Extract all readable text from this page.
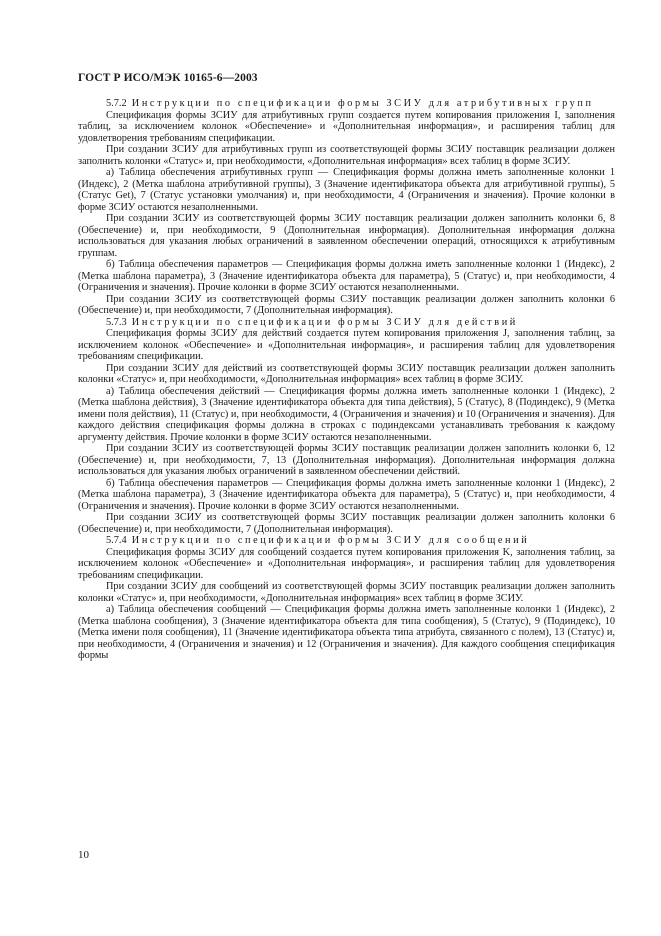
ГОСТ Р ИСО/МЭК 10165-6—2003

5.7.2 Инструкции по спецификации формы ЗСИУ для атрибутивных групп

Спецификация формы ЗСИУ для атрибутивных групп создается путем копирования приложения I, заполнения таблиц, за исключением колонок «Обеспечение» и «Дополнительная информация», и расширения таблиц для удовлетворения требованиям спецификации.

При создании ЗСИУ для атрибутивных групп из соответствующей формы ЗСИУ поставщик реализации должен заполнить колонки «Статус» и, при необходимости, «Дополнительная информация» всех таблиц в форме ЗСИУ.

а) Таблица обеспечения атрибутивных групп — Спецификация формы должна иметь заполненные колонки 1 (Индекс), 2 (Метка шаблона атрибутивной группы), 3 (Значение идентификатора объекта для атрибутивной группы), 5 (Статус Get), 7 (Статус установки умолчания) и, при необходимости, 4 (Ограничения и значения). Прочие колонки в форме ЗСИУ остаются незаполненными.

При создании ЗСИУ из соответствующей формы ЗСИУ поставщик реализации должен заполнить колонки 6, 8 (Обеспечение) и, при необходимости, 9 (Дополнительная информация). Дополнительная информация должна использоваться для указания любых ограничений в заявленном обеспечении операций, относящихся к атрибутивным группам.

б) Таблица обеспечения параметров — Спецификация формы должна иметь заполненные колонки 1 (Индекс), 2 (Метка шаблона параметра), 3 (Значение идентификатора объекта для параметра), 5 (Статус) и, при необходимости, 4 (Ограничения и значения). Прочие колонки в форме ЗСИУ остаются незаполненными.

При создании ЗСИУ из соответствующей формы СЗИУ поставщик реализации должен заполнить колонки 6 (Обеспечение) и, при необходимости, 7 (Дополнительная информация).

5.7.3 Инструкции по спецификации формы ЗСИУ для действий

Спецификация формы ЗСИУ для действий создается путем копирования приложения J, заполнения таблиц, за исключением колонок «Обеспечение» и «Дополнительная информация», и расширения таблиц для удовлетворения требованиям спецификации.

При создании ЗСИУ для действий из соответствующей формы ЗСИУ поставщик реализации должен заполнить колонки «Статус» и, при необходимости, «Дополнительная информация» всех таблиц в форме ЗСИУ.

а) Таблица обеспечения действий — Спецификация формы должна иметь заполненные колонки 1 (Индекс), 2 (Метка шаблона действия), 3 (Значение идентификатора объекта для типа действия), 5 (Статус), 8 (Подиндекс), 9 (Метка имени поля действия), 11 (Статус) и, при необходимости, 4 (Ограничения и значения) и 10 (Ограничения и значения). Для каждого действия спецификация формы должна в строках с подиндексами устанавливать требования к каждому аргументу действия. Прочие колонки в форме ЗСИУ остаются незаполненными.

При создании ЗСИУ из соответствующей формы ЗСИУ поставщик реализации должен заполнить колонки 6, 12 (Обеспечение) и, при необходимости, 7, 13 (Дополнительная информация). Дополнительная информация должна использоваться для указания любых ограничений в заявленном обеспечении действий.

б) Таблица обеспечения параметров — Спецификация формы должна иметь заполненные колонки 1 (Индекс), 2 (Метка шаблона параметра), 3 (Значение идентификатора объекта для параметра), 5 (Статус) и, при необходимости, 4 (Ограничения и значения). Прочие колонки в форме ЗСИУ остаются незаполненными.

При создании ЗСИУ из соответствующей формы ЗСИУ поставщик реализации должен заполнить колонки 6 (Обеспечение) и, при необходимости, 7 (Дополнительная информация).

5.7.4 Инструкции по спецификации формы ЗСИУ для сообщений

Спецификация формы ЗСИУ для сообщений создается путем копирования приложения K, заполнения таблиц, за исключением колонок «Обеспечение» и «Дополнительная информация», и расширения таблиц для удовлетворения требованиям спецификации.

При создании ЗСИУ для сообщений из соответствующей формы ЗСИУ поставщик реализации должен заполнить колонки «Статус» и, при необходимости, «Дополнительная информация» всех таблиц в форме ЗСИУ.

а) Таблица обеспечения сообщений — Спецификация формы должна иметь заполненные колонки 1 (Индекс), 2 (Метка шаблона сообщения), 3 (Значение идентификатора объекта для типа сообщения), 5 (Статус), 9 (Подиндекс), 10 (Метка имени поля сообщения), 11 (Значение идентификатора объекта типа атрибута, связанного с полем), 13 (Статус) и, при необходимости, 4 (Ограничения и значения) и 12 (Ограничения и значения). Для каждого сообщения спецификация формы

10
